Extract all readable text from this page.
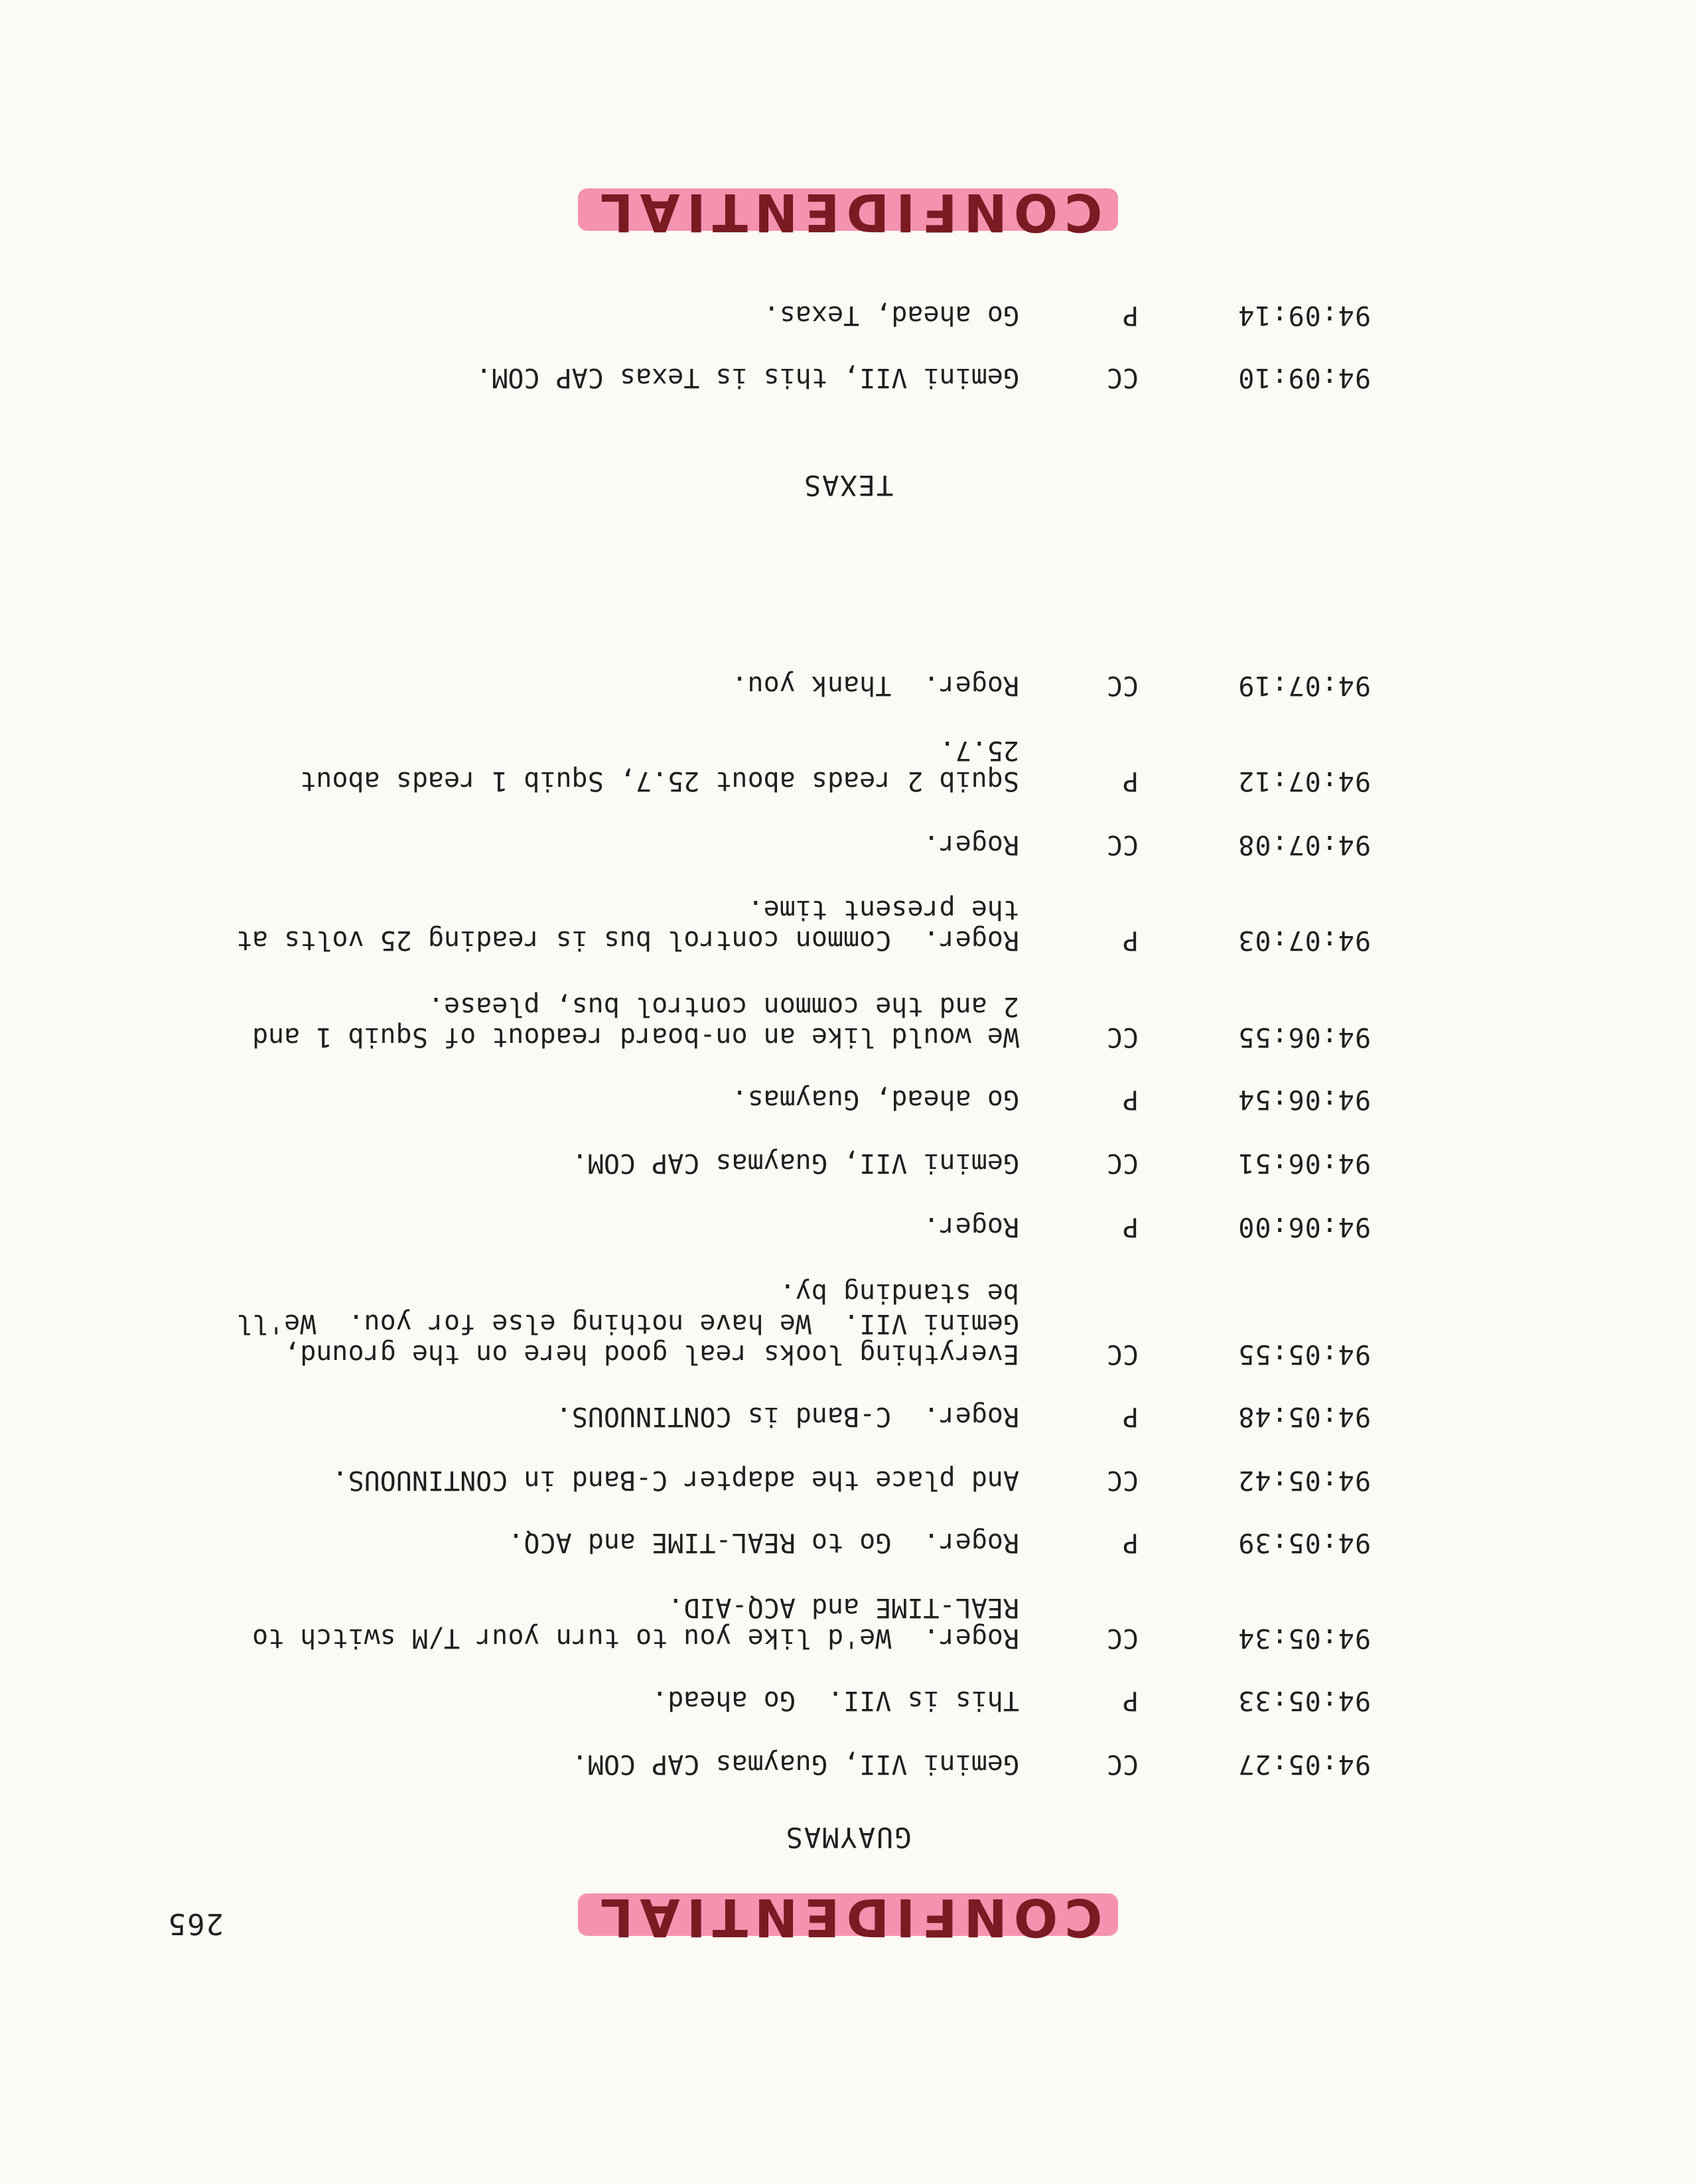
265	CONFIDENTIAL
GUAYMAS
94:05:27
CC
Gemini VII, Guaymas CAP COM.
94:05:33
P
This is VII.  Go ahead.
94:05:34
CC
Roger.  We'd like you to turn your T/M switch to
REAL-TIME and ACQ-AID.
94:05:39
P
Roger.  Go to REAL-TIME and ACQ.
94:05:42
CC
And place the adapter C-Band in CONTINUOUS.
94:05:48
P
Roger.  C-Band is CONTINUOUS.
94:05:55
CC
Everything looks real good here on the ground,
Gemini VII.  We have nothing else for you.  We'll
be standing by.
94:06:00
P
Roger.
94:06:51
CC
Gemini VII, Guaymas CAP COM.
94:06:54
P
Go ahead, Guaymas.
94:06:55
CC
We would like an on-board readout of Squib 1 and
2 and the common control bus, please.
94:07:03
P
Roger.  Common control bus is reading 25 volts at
the present time.
94:07:08
CC
Roger.
94:07:12
P
Squib 2 reads about 25.7, Squib 1 reads about
25.7.
94:07:19
CC
Roger.  Thank you.
TEXAS
94:09:10
CC
Gemini VII, this is Texas CAP COM.
94:09:14
P
Go ahead, Texas.
CONFIDENTIAL
